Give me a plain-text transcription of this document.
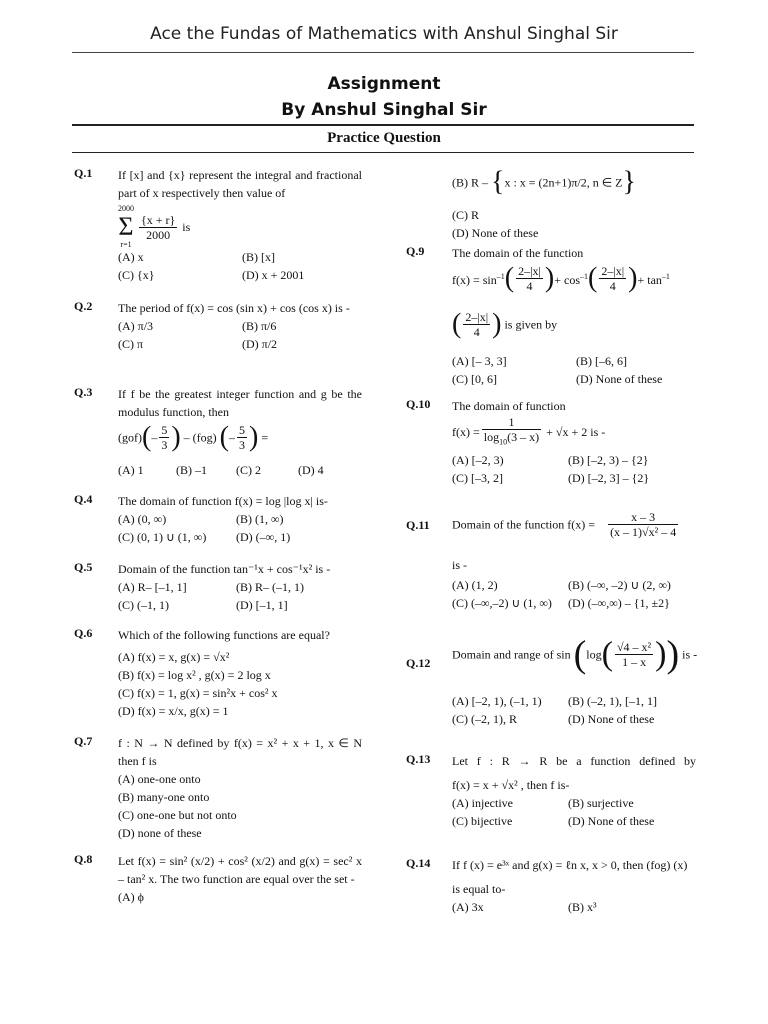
Ace the Fundas of Mathematics with Anshul Singhal Sir
Assignment
By Anshul Singhal Sir
Practice Question
Q.1 If [x] and {x} represent the integral and fractional part of x respectively then value of
2000
Σ
r=1

$\frac{\{x + r\}}{2000}$ is
(A) x	(B) [x]
(C) {x}	(D) x + 2001
Q.2 The period of f(x) = cos (sin x) + cos (cos x) is -
(A) π/3	(B) π/6
(C) π	(D) π/2
Q.3 If f be the greatest integer function and g be the modulus function, then
$(gof)(- \frac{5}{3}$ ) – (fog) (– $\frac{5}{3}$ ) =
(A) 1	(B) –1 (C) 2	(D) 4
Q.4 The domain of function f(x) = log |log x| is-
(A) (0, ∞)	(B) (1, ∞)
(C) (0, 1) ∪ (1, ∞) (D) (–∞, 1)
Q.5 Domain of the function tan⁻¹x + cos⁻¹x² is -
(A) R– [–1, 1]	(B) R– (–1, 1)
(C) (–1, 1)	(D) [–1, 1]
Q.6 Which of the following functions are equal?
(A) f(x) = x, g(x) = √x²
(B) f(x) = log x² , g(x) = 2 log x
(C) f(x) = 1, g(x) = sin²x + cos² x
(D) f(x) = x/x, g(x) = 1
Q.7 f : N → N defined by f(x) = x² + x + 1, x ∈ N then f is
(A) one-one onto
(B) many-one onto
(C) one-one but not onto
(D) none of these
Q.8 Let f(x) = sin² (x/2) + cos² (x/2) and g(x) = sec² x – tan² x. The two function are equal over the set -
(A) ϕ
(B) R – {x : x = (2n+1)π/2, n ∈ Z}
(C) R
(D) None of these
Q.9 The domain of the function
$f(x) = \sin^{-1}( \frac{2-|x|}{4}$ )+ $\cos^{-1}( \frac{2-|x|}{4}$ )+ $\tan^{-1}$
( $\frac{2-|x|}{4}$ ) is given by
(A) [– 3, 3]	(B) [–6, 6]
(C) [0, 6]	(D) None of these
Q.10 The domain of function
$f(x) = \frac{1}{\log_{10}(3 - x)} + √x + 2$ is -
(A) [–2, 3)	(B) [–2, 3) – {2}
(C) [–3, 2]	(D) [–2, 3] – {2}
Q.11 Domain of the function $f(x) = \frac{x - 3}{\text{(x – 1)√x² – 4}}$
is -
(A) (1, 2)	(B) (–∞, –2) ∪ (2, ∞)
(C) (–∞,–2) ∪ (1, ∞) (D) (–∞,∞) – {1, ±2}
Q.12
Domain and range of $\sin (\log( \frac{\text{√4 – x²}}{1 - x}$ )) is -
(A) [–2, 1), (–1, 1) (B) (–2, 1), [–1, 1]
(C) (–2, 1), R	(D) None of these
Q.13 Let f : R → R be a function defined by
f(x) = x + √x² , then f is-
(A) injective	(B) surjective
(C) bijective	(D) None of these
Q.14 If f (x) = e³ˣ and g(x) = ℓn x, x > 0, then (fog) (x)
is equal to-
(A) 3x	(B) x³
